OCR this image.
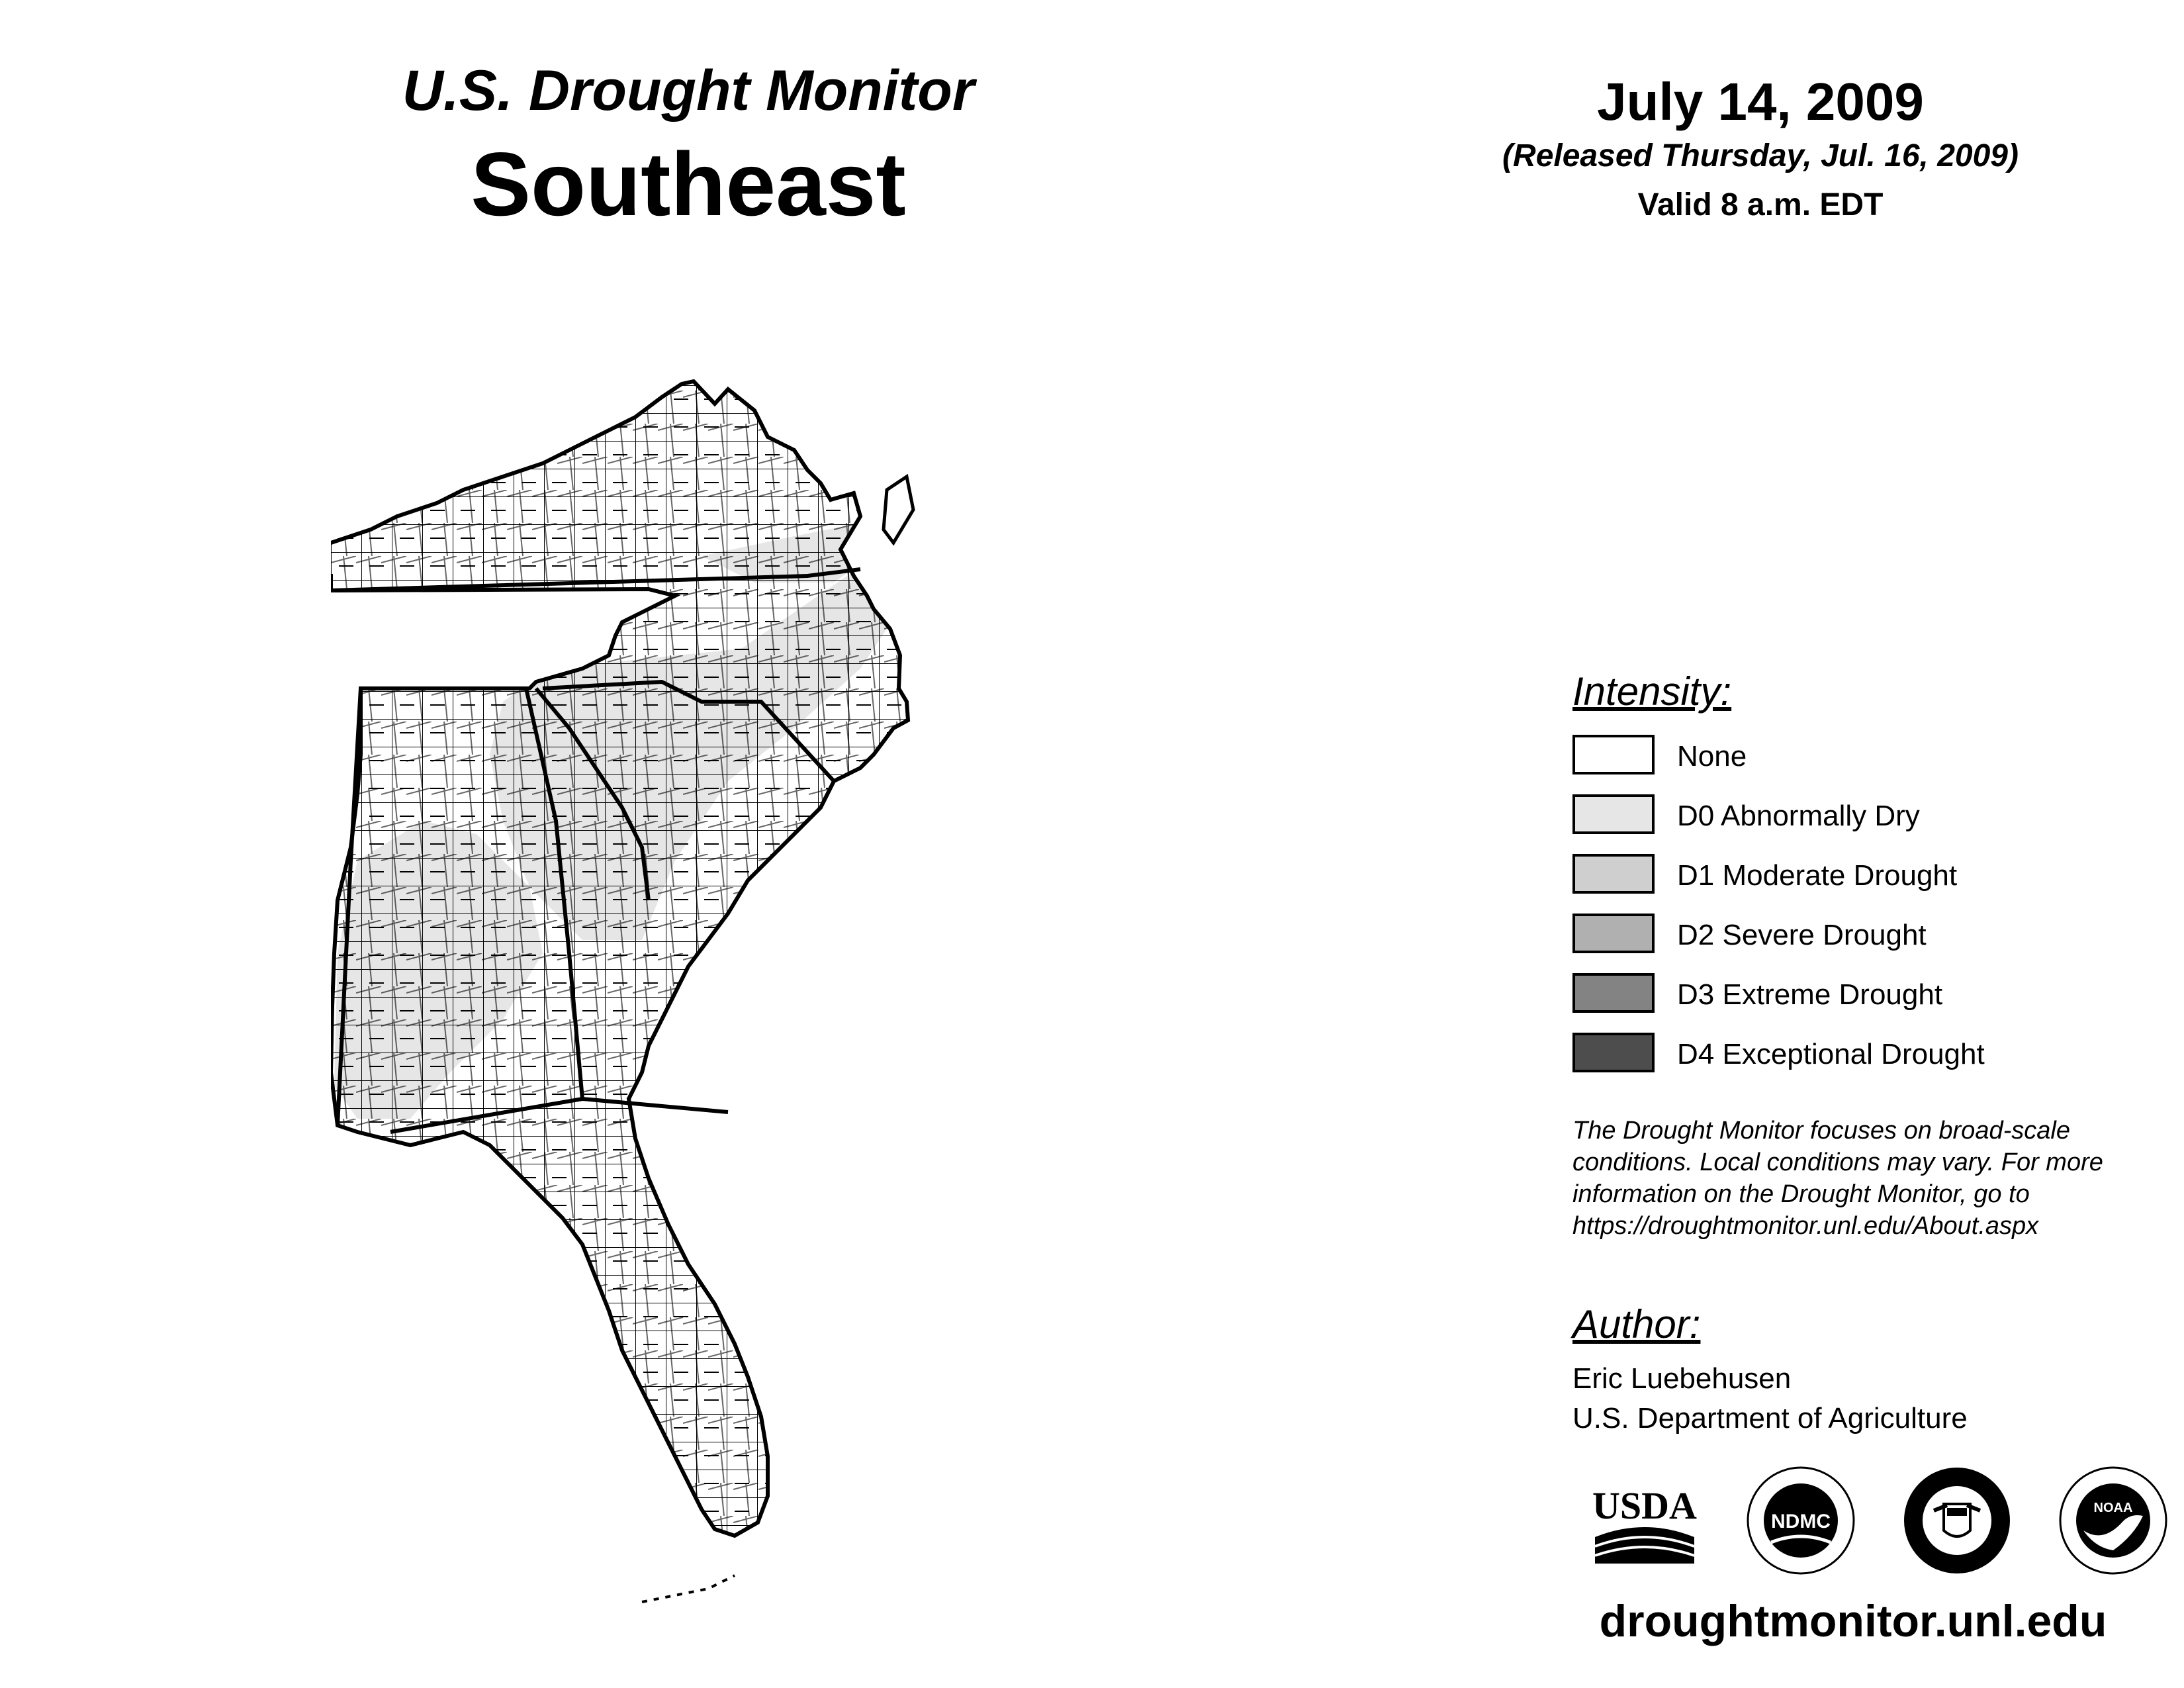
U.S. Drought Monitor
Southeast
July 14, 2009
(Released Thursday, Jul. 16, 2009)
Valid 8 a.m. EDT
Intensity:
None
D0 Abnormally Dry
D1 Moderate Drought
D2 Severe Drought
D3 Extreme Drought
D4 Exceptional Drought
The Drought Monitor focuses on broad-scale
conditions. Local conditions may vary. For more
information on the Drought Monitor, go to
https://droughtmonitor.unl.edu/About.aspx
Author:
Eric Luebehusen
U.S. Department of Agriculture
USDA	NDMC
NOAA
droughtmonitor.unl.edu
